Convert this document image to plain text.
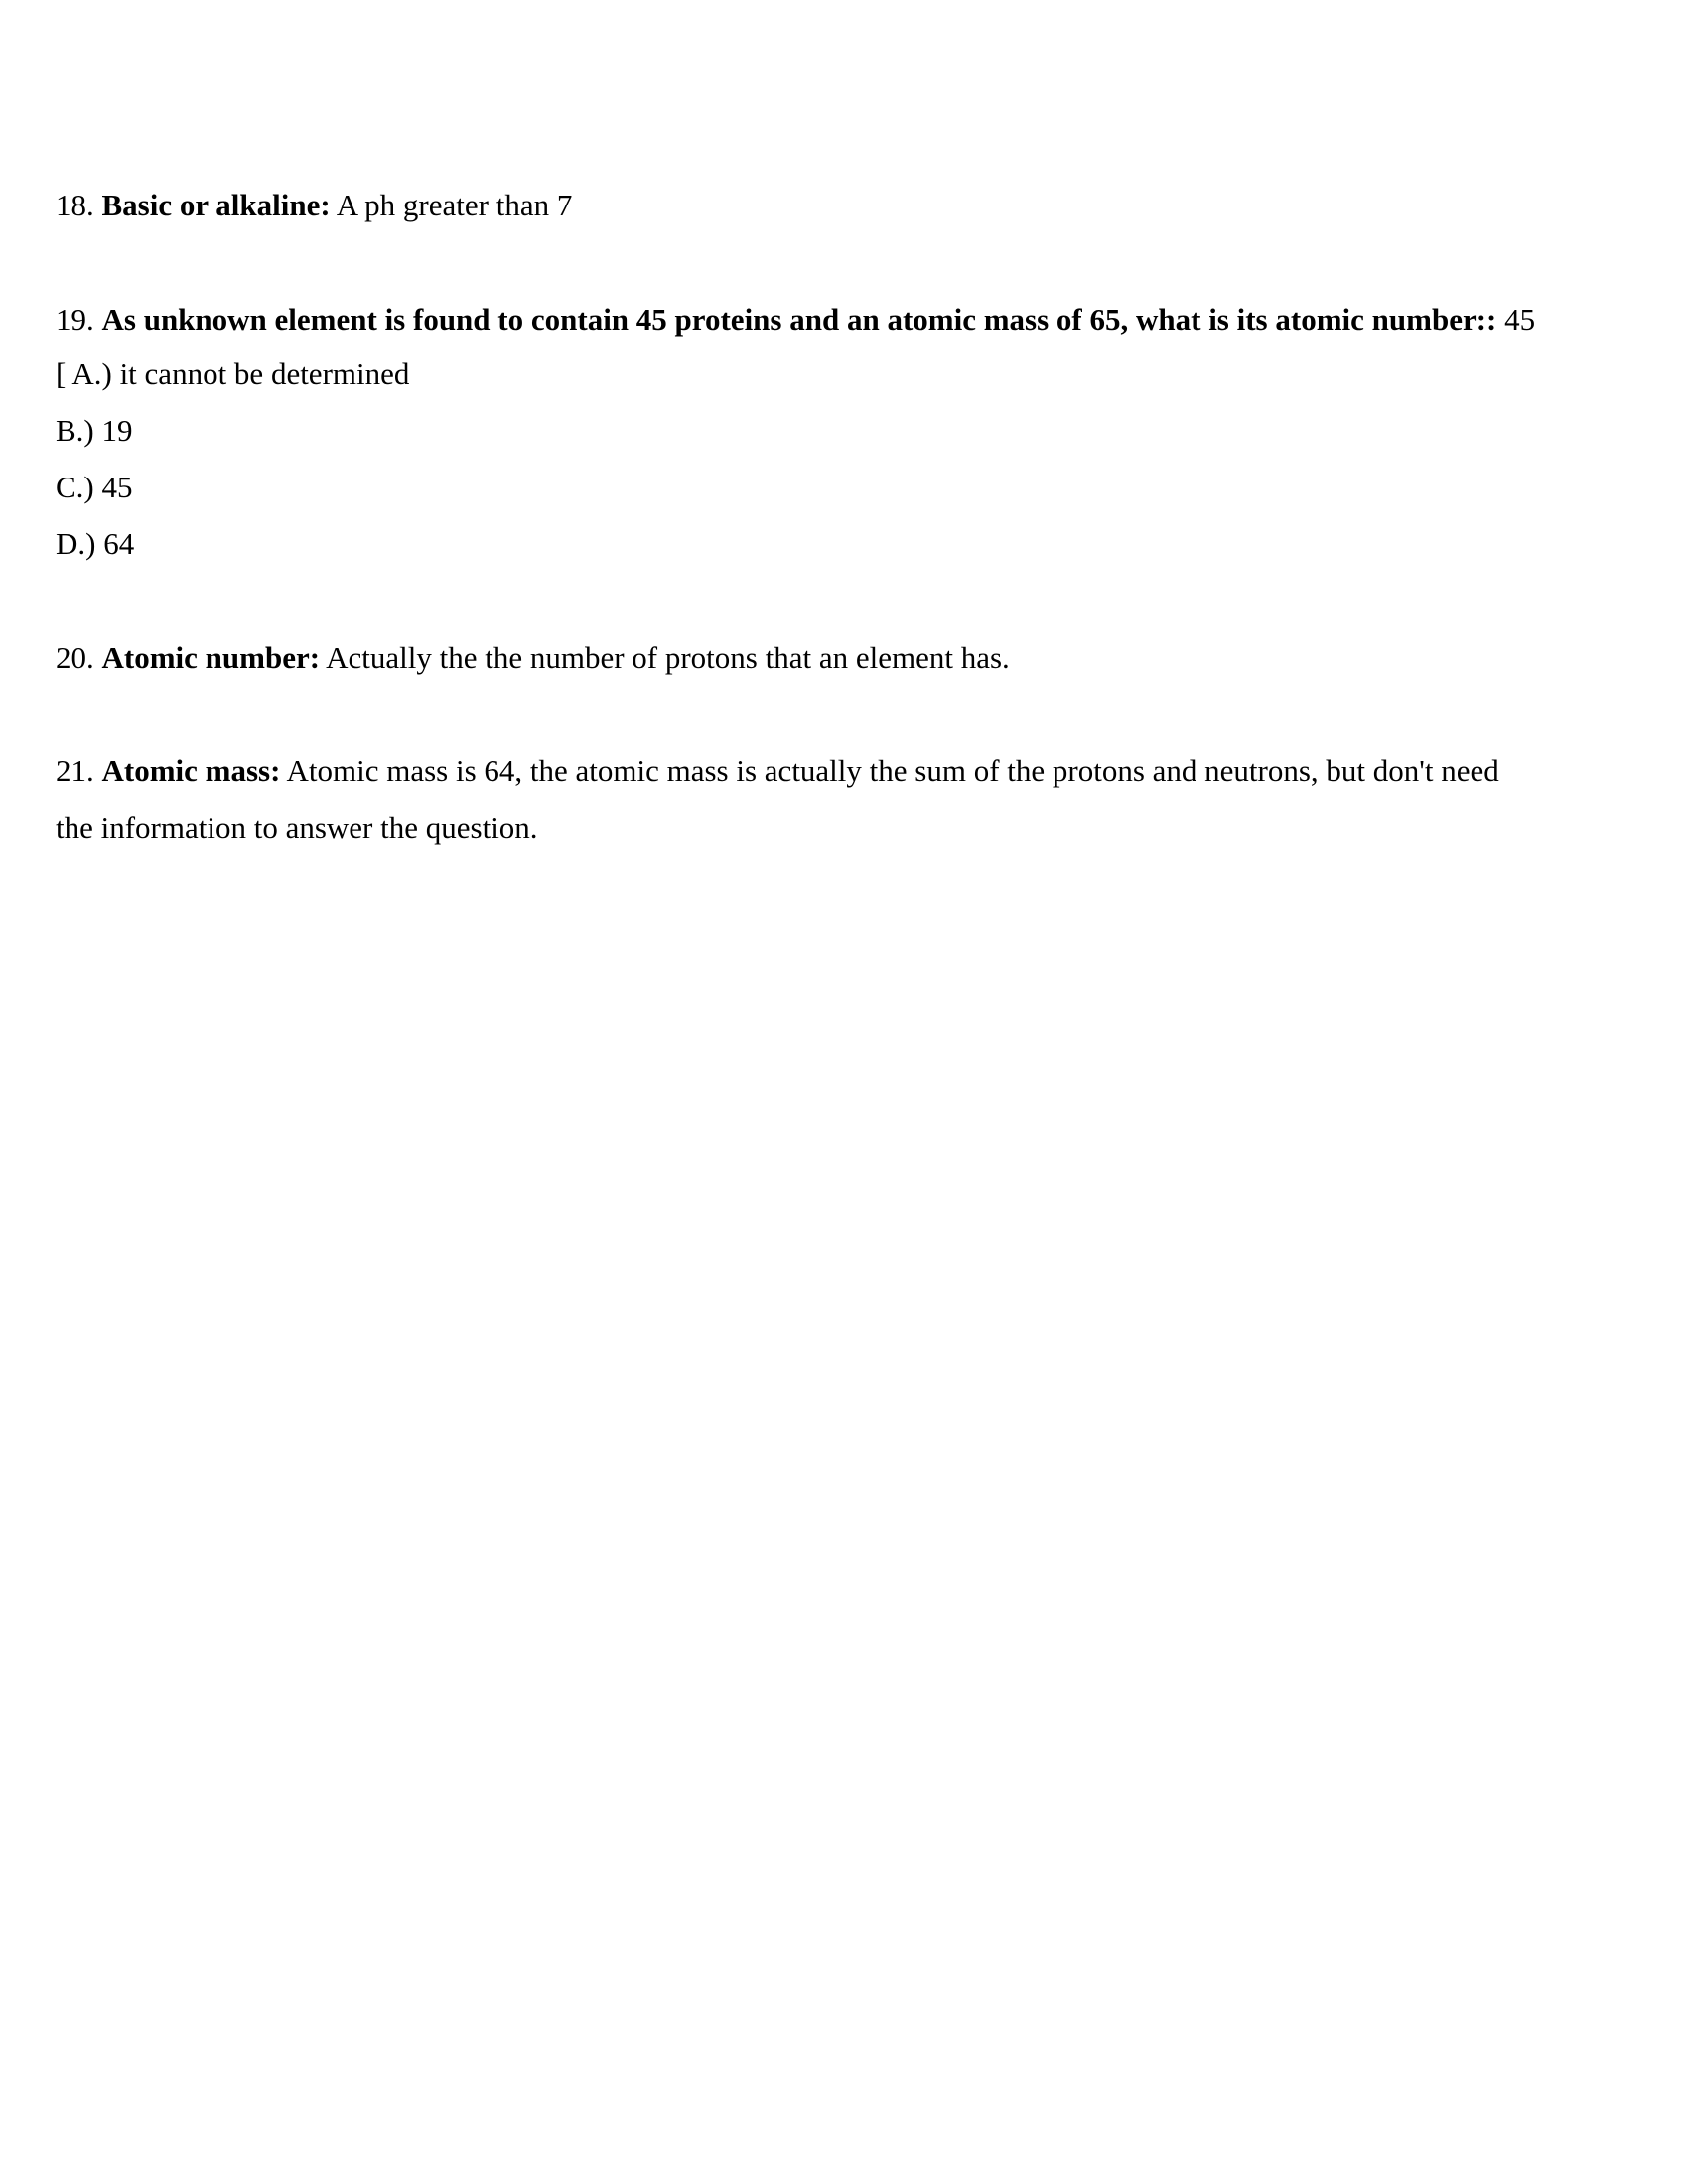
18. Basic or alkaline: A ph greater than 7
19. As unknown element is found to contain 45 proteins and an atomic mass of 65, what is its atomic number:: 45
[ A.) it cannot be determined
B.) 19
C.) 45
D.) 64
20. Atomic number: Actually the the number of protons that an element has.
21. Atomic mass: Atomic mass is 64, the atomic mass is actually the sum of the protons and neutrons, but don't need
the information to answer the question.
